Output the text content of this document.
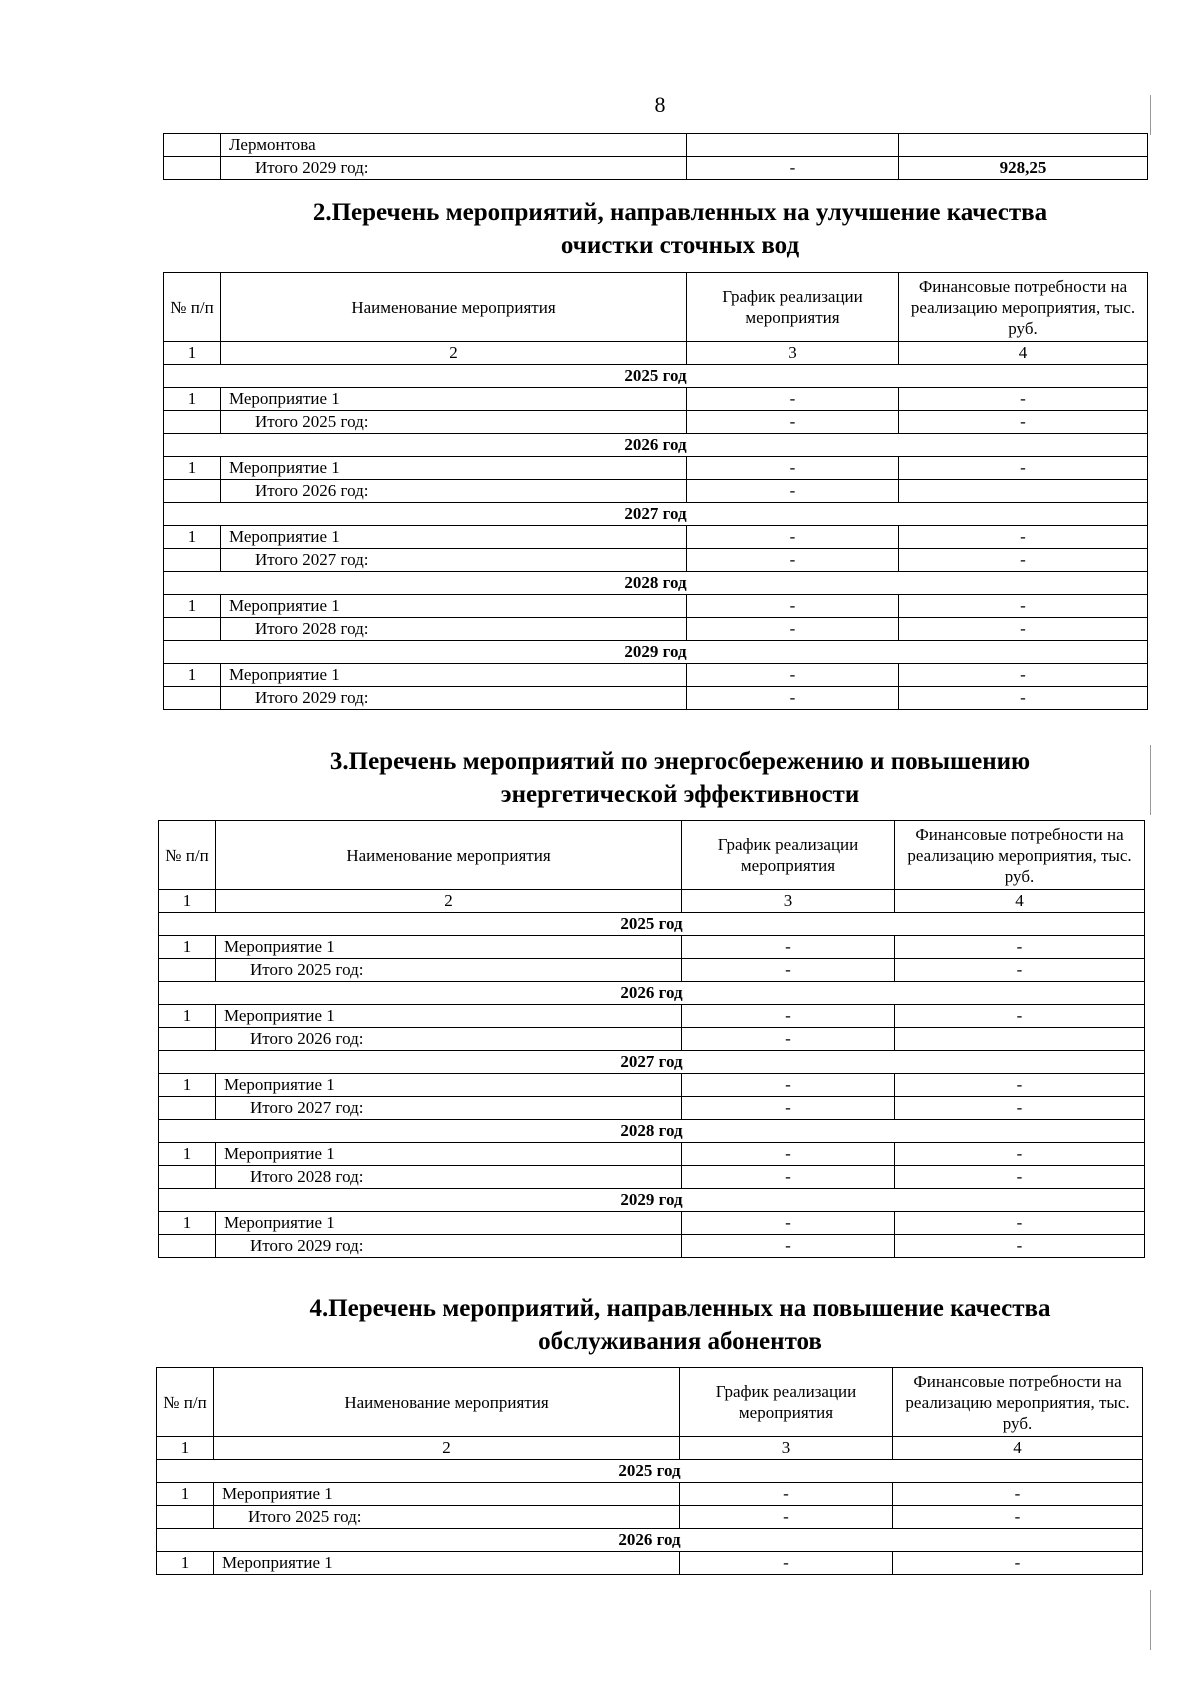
8
	Лермонтова		
	Итого 2029 год:	-	928,25
2.Перечень мероприятий, направленных на улучшение качества
очистки сточных вод
№ п/п	Наименование мероприятия	График реализации мероприятия	Финансовые потребности на реализацию мероприятия, тыс. руб.
1	2	3	4
2025 год			
1	Мероприятие 1	-	-
	Итого 2025 год:	-	-
2026 год			
1	Мероприятие 1	-	-
	Итого 2026 год:	-	
2027 год			
1	Мероприятие 1	-	-
	Итого 2027 год:	-	-
2028 год			
1	Мероприятие 1	-	-
	Итого 2028 год:	-	-
2029 год			
1	Мероприятие 1	-	-
	Итого 2029 год:	-	-
3.Перечень мероприятий по энергосбережению и повышению
энергетической эффективности
№ п/п	Наименование мероприятия	График реализации мероприятия	Финансовые потребности на реализацию мероприятия, тыс. руб.
1	2	3	4
2025 год			
1	Мероприятие 1	-	-
	Итого 2025 год:	-	-
2026 год			
1	Мероприятие 1	-	-
	Итого 2026 год:	-	
2027 год			
1	Мероприятие 1	-	-
	Итого 2027 год:	-	-
2028 год			
1	Мероприятие 1	-	-
	Итого 2028 год:	-	-
2029 год			
1	Мероприятие 1	-	-
	Итого 2029 год:	-	-
4.Перечень мероприятий, направленных на повышение качества
обслуживания абонентов
№ п/п	Наименование мероприятия	График реализации мероприятия	Финансовые потребности на реализацию мероприятия, тыс. руб.
1	2	3	4
2025 год			
1	Мероприятие 1	-	-
	Итого 2025 год:	-	-
2026 год			
1	Мероприятие 1	-	-
